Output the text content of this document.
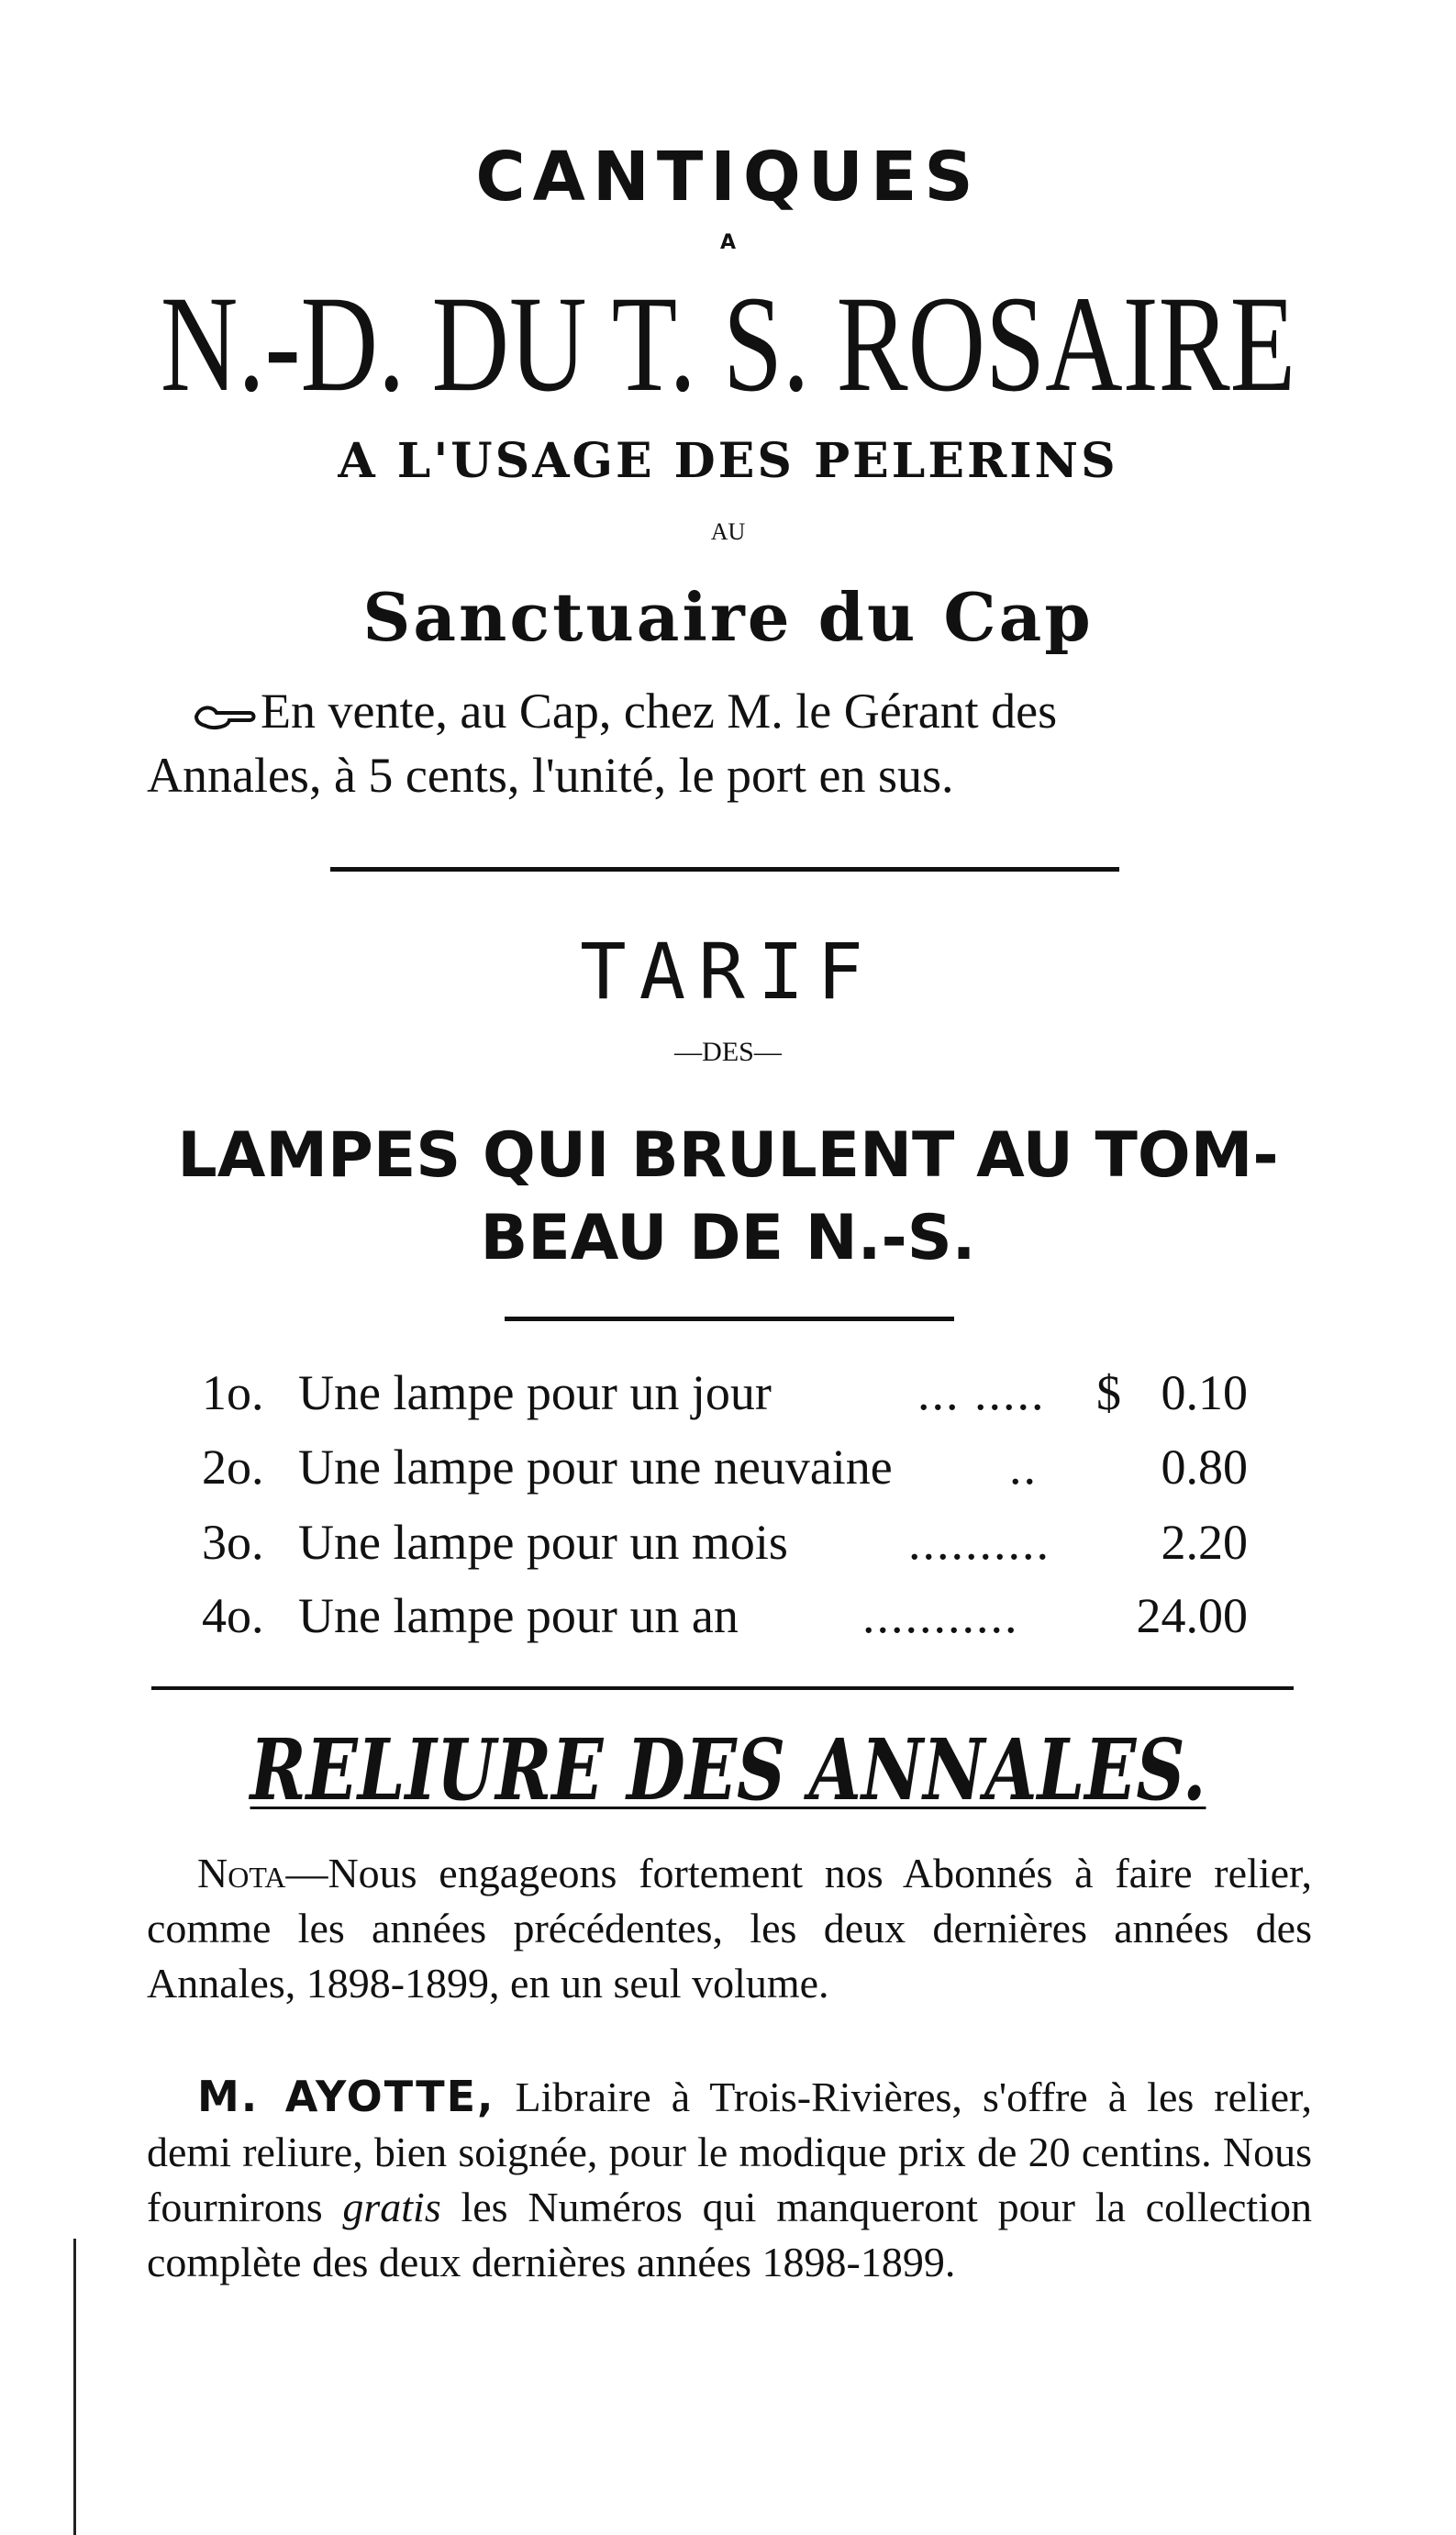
CANTIQUES
A
N.-D. DU T. S. ROSAIRE
A L'USAGE DES PELERINS
AU
Sanctuaire du Cap
En vente, au Cap, chez M. le Gérant des
Annales, à 5 cents, l'unité, le port en sus.
TARIF
—DES—
LAMPES QUI BRULENT AU TOM-
BEAU DE N.-S.
1o. Une lampe pour un jour	... ..... $ 0.10
2o. Une lampe pour une neuvaine .. 0.80
3o. Une lampe pour un mois .......... 2.20
4o. Une lampe pour un an	........... 24.00
RELIURE DES ANNALES.
Nota—Nous engageons fortement nos Abonnés à faire relier, comme les années précédentes, les deux dernières années des Annales, 1898-1899, en un seul volume.
M. AYOTTE, Libraire à Trois-Rivières, s'offre à les relier, demi reliure, bien soignée, pour le modique prix de 20 centins. Nous fournirons gratis les Numéros qui manqueront pour la collection complète des deux dernières années 1898-1899.
